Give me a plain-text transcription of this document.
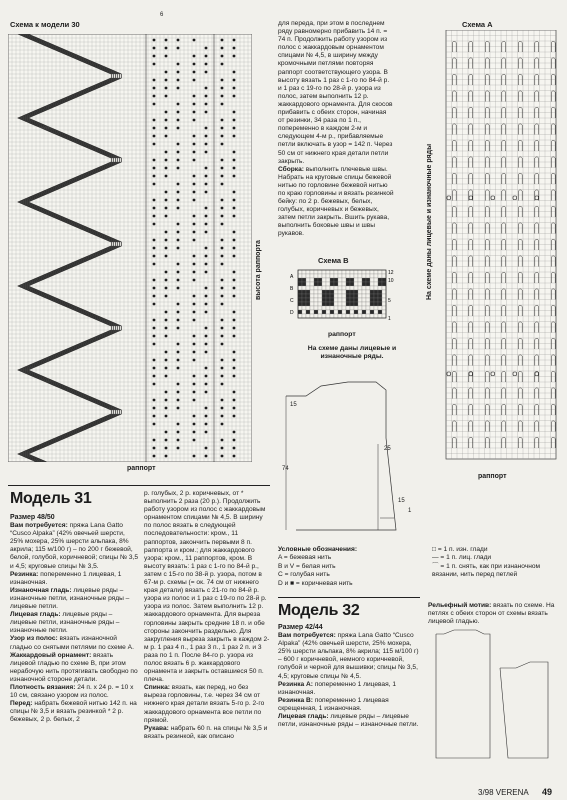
Схема к модели 30
6
высота раппорта
раппорт

для переда, при этом в последнем ряду равномерно прибавить 14 п. = 74 п. Продолжить работу узором из полос с жаккардовым орнаментом спицами № 4,5, в ширину между кромочными петлями повторяя раппорт соответствующего узора. В высоту вязать 1 раз с 1-го по 84-й р. и 1 раз с 19-го по 28-й р. узора из полос, затем выполнить 12 р. жаккардового орнамента. Для скосов прибавить с обеих сторон, начиная от резинки, 34 раза по 1 п., попеременно в каждом 2-м и следующем 4-м р., прибавляемые петли включать в узор = 142 п. Через 50 см от нижнего края детали петли закрыть.

Сборка: выполнить плечевые швы. Набрать на круговые спицы бежевой нитью по горловине бежевой нитью по краю горловины и вязать резинкой бейку: по 2 р. бежевых, белых, голубых, коричневых и бежевых, затем петли закрыть. Вшить рукава, выполнить боковые швы и швы рукавов.

Схема B
A
B
C
D
12
10
5
1
раппорт
На схеме даны лицевые и изнаночные ряды.
Схема A
На схеме даны лицевые и изнаночные ряды
раппорт
15
25
74
15
1
Модель 31
Размер 48/50

Вам потребуется: пряжа Lana Gatto “Cusco Alpaka” (42% овечьей шерсти, 25% мохера, 25% шерсти альпака, 8% акрила; 115 м/100 г) – по 200 г бежевой, белой, голубой, коричневой; спицы № 3,5 и 4,5; круговые спицы № 3,5.

Резинка: попеременно 1 лицевая, 1 изнаночная.

Изнаночная гладь: лицевые ряды – изнаночные петли, изнаночные ряды – лицевые петли.

Лицевая гладь: лицевые ряды – лицевые петли, изнаночные ряды – изнаночные петли.

Узор из полос: вязать изнаночной гладью со снятыми петлями по схеме A.

Жаккардовый орнамент: вязать лицевой гладью по схеме B, при этом нерабочую нить протягивать свободно по изнаночной стороне детали.

Плотность вязания: 24 п. x 24 р. = 10 x 10 см, связано узором из полос.

Перед: набрать бежевой нитью 142 п. на спицы № 3,5 и вязать резинкой * 2 р. бежевых, 2 р. белых, 2

р. голубых, 2 р. коричневых, от * выполнить 2 раза (20 р.). Продолжить работу узором из полос с жаккардовым орнаментом спицами № 4,5. В ширину по полос вязать в следующей последовательности: кром., 11 раппортов, закончить первыми 8 п. раппорта и кром.; для жаккардового узора: кром., 11 раппортов, кром. В высоту вязать: 1 раз с 1-го по 84-й р., затем с 15-го по 38-й р. узора, потом в 67-м р. схемы (= ок. 74 см от нижнего края детали) вязать с 21-го по 84-й р. узора из полос и 1 раз с 19-го по 28-й р. узора из полос. Затем выполнить 12 р. жаккардового орнамента. Для выреза горловины закрыть средние 18 п. и обе стороны закончить раздельно. Для закругления выреза закрыть в каждом 2-м р. 1 раз 4 п., 1 раз 3 п., 1 раз 2 п. и 3 раза по 1 п. После 84-го р. узора из полос вязать 6 р. жаккардового орнамента и закрыть оставшиеся 50 п. плеча.

Спинка: вязать, как перед, но без выреза горловины, т.е. через 34 см от нижнего края детали вязать 5-го р. 2-го жаккардового орнамента все петли по прямой.

Рукава: набрать 60 п. на спицы № 3,5 и вязать резинкой, как описано

Условные обозначения:
A = бежевая нить
B и V = белая нить
C = голубая нить
D и ■ = коричневая нить
□ = 1 п. изн. глади
— = 1 п. лиц. глади
⌒ = 1 п. снять, как при изнаночном вязании, нить перед петлей
Модель 32
Размер 42/44

Вам потребуется: пряжа Lana Gatto “Cusco Alpaka” (42% овечьей шерсти, 25% мохера, 25% шерсти альпака, 8% акрила; 115 м/100 г) – 600 г коричневой, немного коричневой, голубой и черной для вышивки; спицы № 3,5, 4,5; круговые спицы № 4,5.

Резинка A: попеременно 1 лицевая, 1 изнаночная.

Резинка B: попеременно 1 лицевая скрещенная, 1 изнаночная.

Лицевая гладь: лицевые ряды – лицевые петли, изнаночные ряды – изнаночные петли.

Рельефный мотив: вязать по схеме. На петлях с обеих сторон от схемы вязать лицевой гладью.

3/98 VERENA 49
